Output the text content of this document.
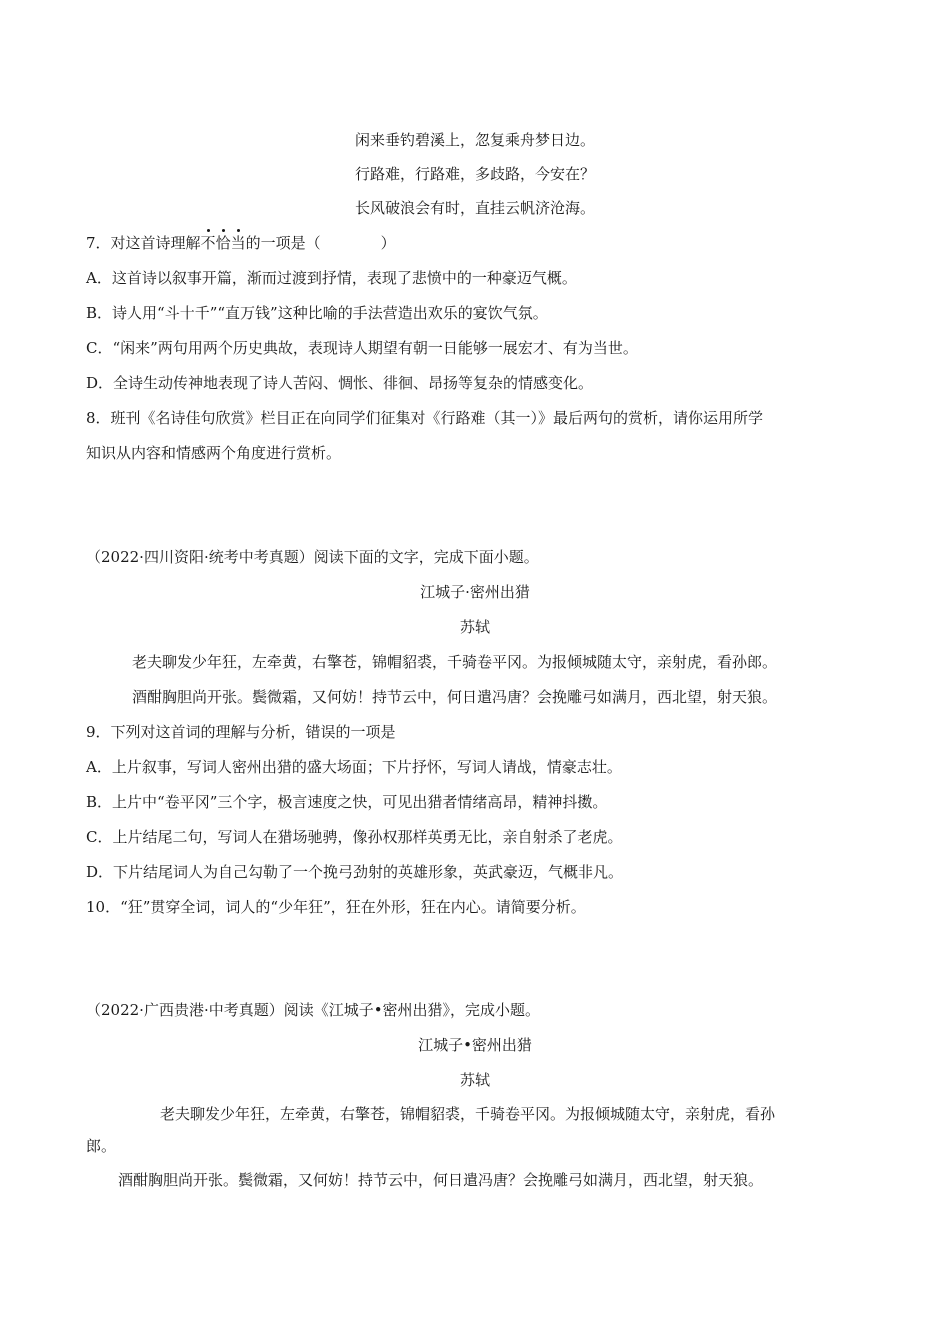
闲来垂钓碧溪上，忽复乘舟梦日边。
行路难，行路难，多歧路，今安在？
长风破浪会有时，直挂云帆济沧海。
7．对这首诗理解不恰当的一项是（　　　　）
A．这首诗以叙事开篇，渐而过渡到抒情，表现了悲愤中的一种豪迈气概。
B．诗人用“斗十千”“直万钱”这种比喻的手法营造出欢乐的宴饮气氛。
C．“闲来”两句用两个历史典故，表现诗人期望有朝一日能够一展宏才、有为当世。
D．全诗生动传神地表现了诗人苦闷、惆怅、徘徊、昂扬等复杂的情感变化。
8．班刊《名诗佳句欣赏》栏目正在向同学们征集对《行路难（其一）》最后两句的赏析，请你运用所学
知识从内容和情感两个角度进行赏析。
（2022·四川资阳·统考中考真题）阅读下面的文字，完成下面小题。
江城子·密州出猎
苏轼
老夫聊发少年狂，左牵黄，右擎苍，锦帽貂裘，千骑卷平冈。为报倾城随太守，亲射虎，看孙郎。
酒酣胸胆尚开张。鬓微霜，又何妨！持节云中，何日遣冯唐？会挽雕弓如满月，西北望，射天狼。
9．下列对这首词的理解与分析，错误的一项是
A．上片叙事，写词人密州出猎的盛大场面；下片抒怀，写词人请战，情豪志壮。
B．上片中“卷平冈”三个字，极言速度之快，可见出猎者情绪高昂，精神抖擞。
C．上片结尾二句，写词人在猎场驰骋，像孙权那样英勇无比，亲自射杀了老虎。
D．下片结尾词人为自己勾勒了一个挽弓劲射的英雄形象，英武豪迈，气概非凡。
10．“狂”贯穿全词，词人的“少年狂”，狂在外形，狂在内心。请简要分析。
（2022·广西贵港·中考真题）阅读《江城子•密州出猎》，完成小题。
江城子•密州出猎
苏轼
老夫聊发少年狂，左牵黄，右擎苍，锦帽貂裘，千骑卷平冈。为报倾城随太守，亲射虎，看孙
郎。
酒酣胸胆尚开张。鬓微霜，又何妨！持节云中，何日遣冯唐？会挽雕弓如满月，西北望，射天狼。
